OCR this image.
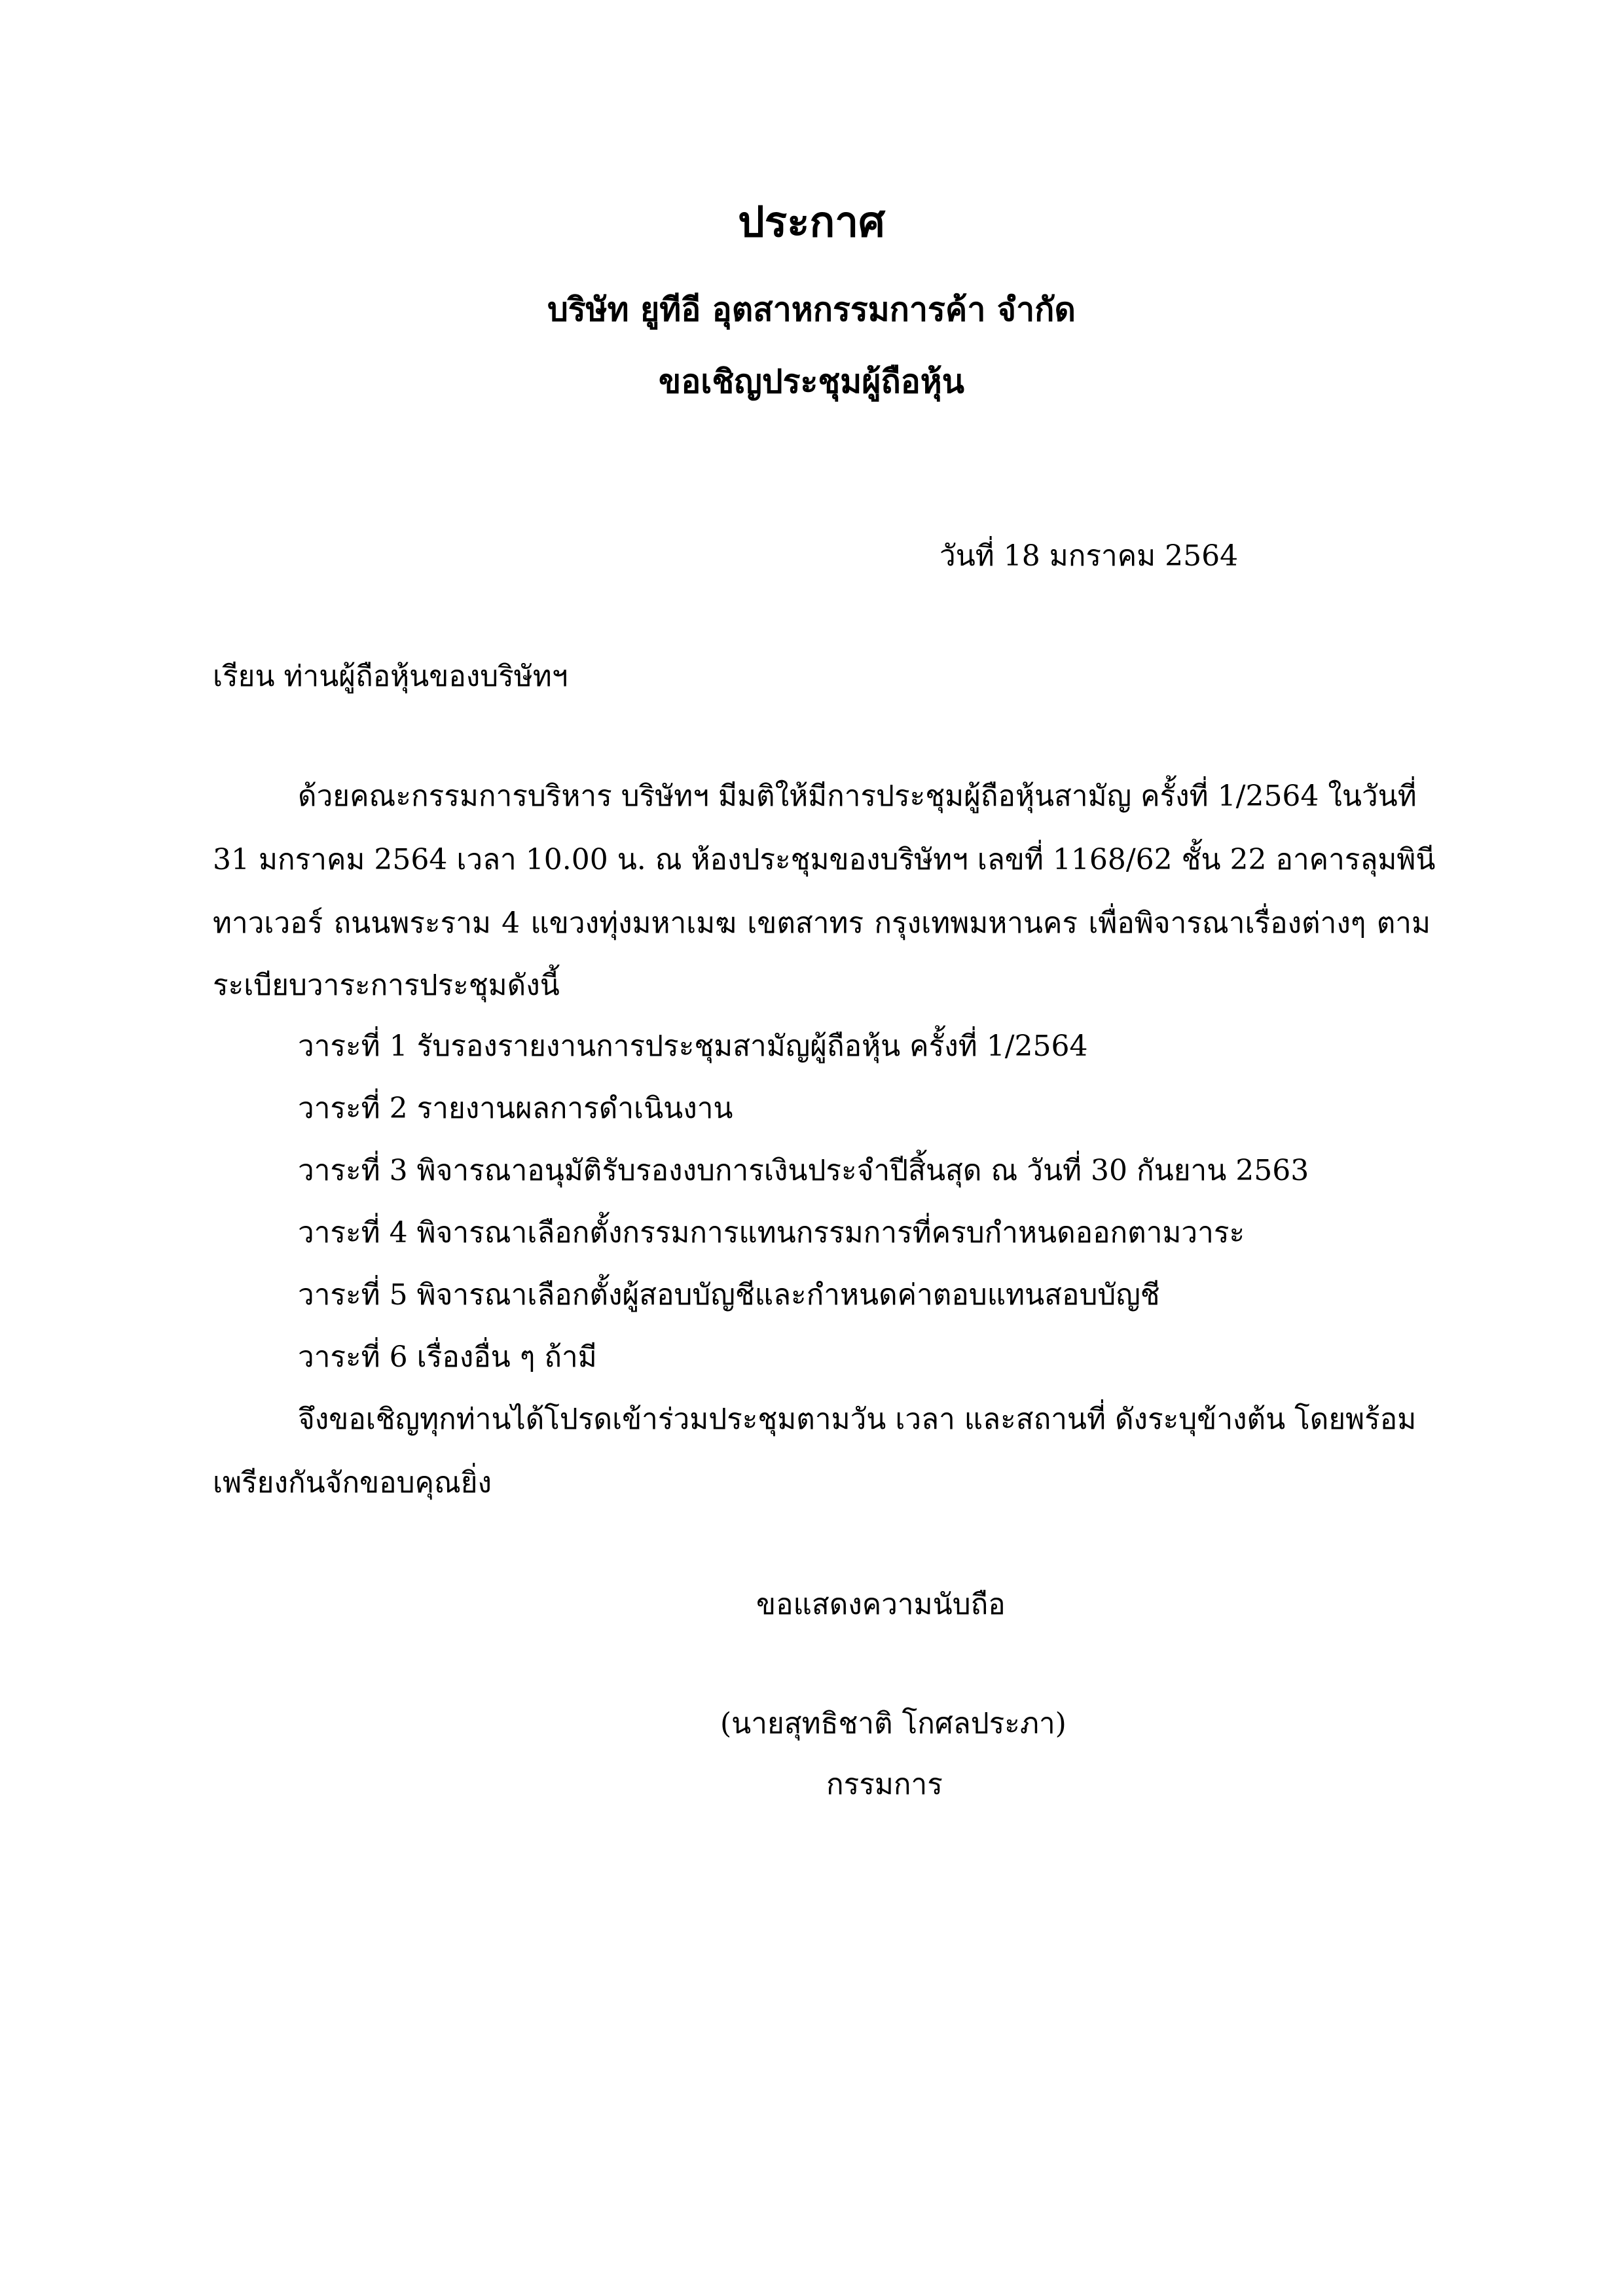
ประกาศ
บริษัท ยูทีอี อุตสาหกรรมการค้า จำกัด
ขอเชิญประชุมผู้ถือหุ้น
วันที่ 18 มกราคม 2564
เรียน ท่านผู้ถือหุ้นของบริษัทฯ
ด้วยคณะกรรมการบริหาร บริษัทฯ มีมติให้มีการประชุมผู้ถือหุ้นสามัญ ครั้งที่ 1/2564 ในวันที่
31 มกราคม 2564 เวลา 10.00 น. ณ ห้องประชุมของบริษัทฯ เลขที่ 1168/62 ชั้น 22 อาคารลุมพินี
ทาวเวอร์ ถนนพระราม 4 แขวงทุ่งมหาเมฆ เขตสาทร กรุงเทพมหานคร เพื่อพิจารณาเรื่องต่างๆ ตาม
ระเบียบวาระการประชุมดังนี้
วาระที่ 1 รับรองรายงานการประชุมสามัญผู้ถือหุ้น ครั้งที่ 1/2564
วาระที่ 2 รายงานผลการดำเนินงาน
วาระที่ 3 พิจารณาอนุมัติรับรองงบการเงินประจำปีสิ้นสุด ณ วันที่ 30 กันยาน 2563
วาระที่ 4 พิจารณาเลือกตั้งกรรมการแทนกรรมการที่ครบกำหนดออกตามวาระ
วาระที่ 5 พิจารณาเลือกตั้งผู้สอบบัญชีและกำหนดค่าตอบแทนสอบบัญชี
วาระที่ 6 เรื่องอื่น ๆ ถ้ามี
จึงขอเชิญทุกท่านได้โปรดเข้าร่วมประชุมตามวัน เวลา และสถานที่ ดังระบุข้างต้น โดยพร้อม
เพรียงกันจักขอบคุณยิ่ง
ขอแสดงความนับถือ
(นายสุทธิชาติ โกศลประภา)
กรรมการ
